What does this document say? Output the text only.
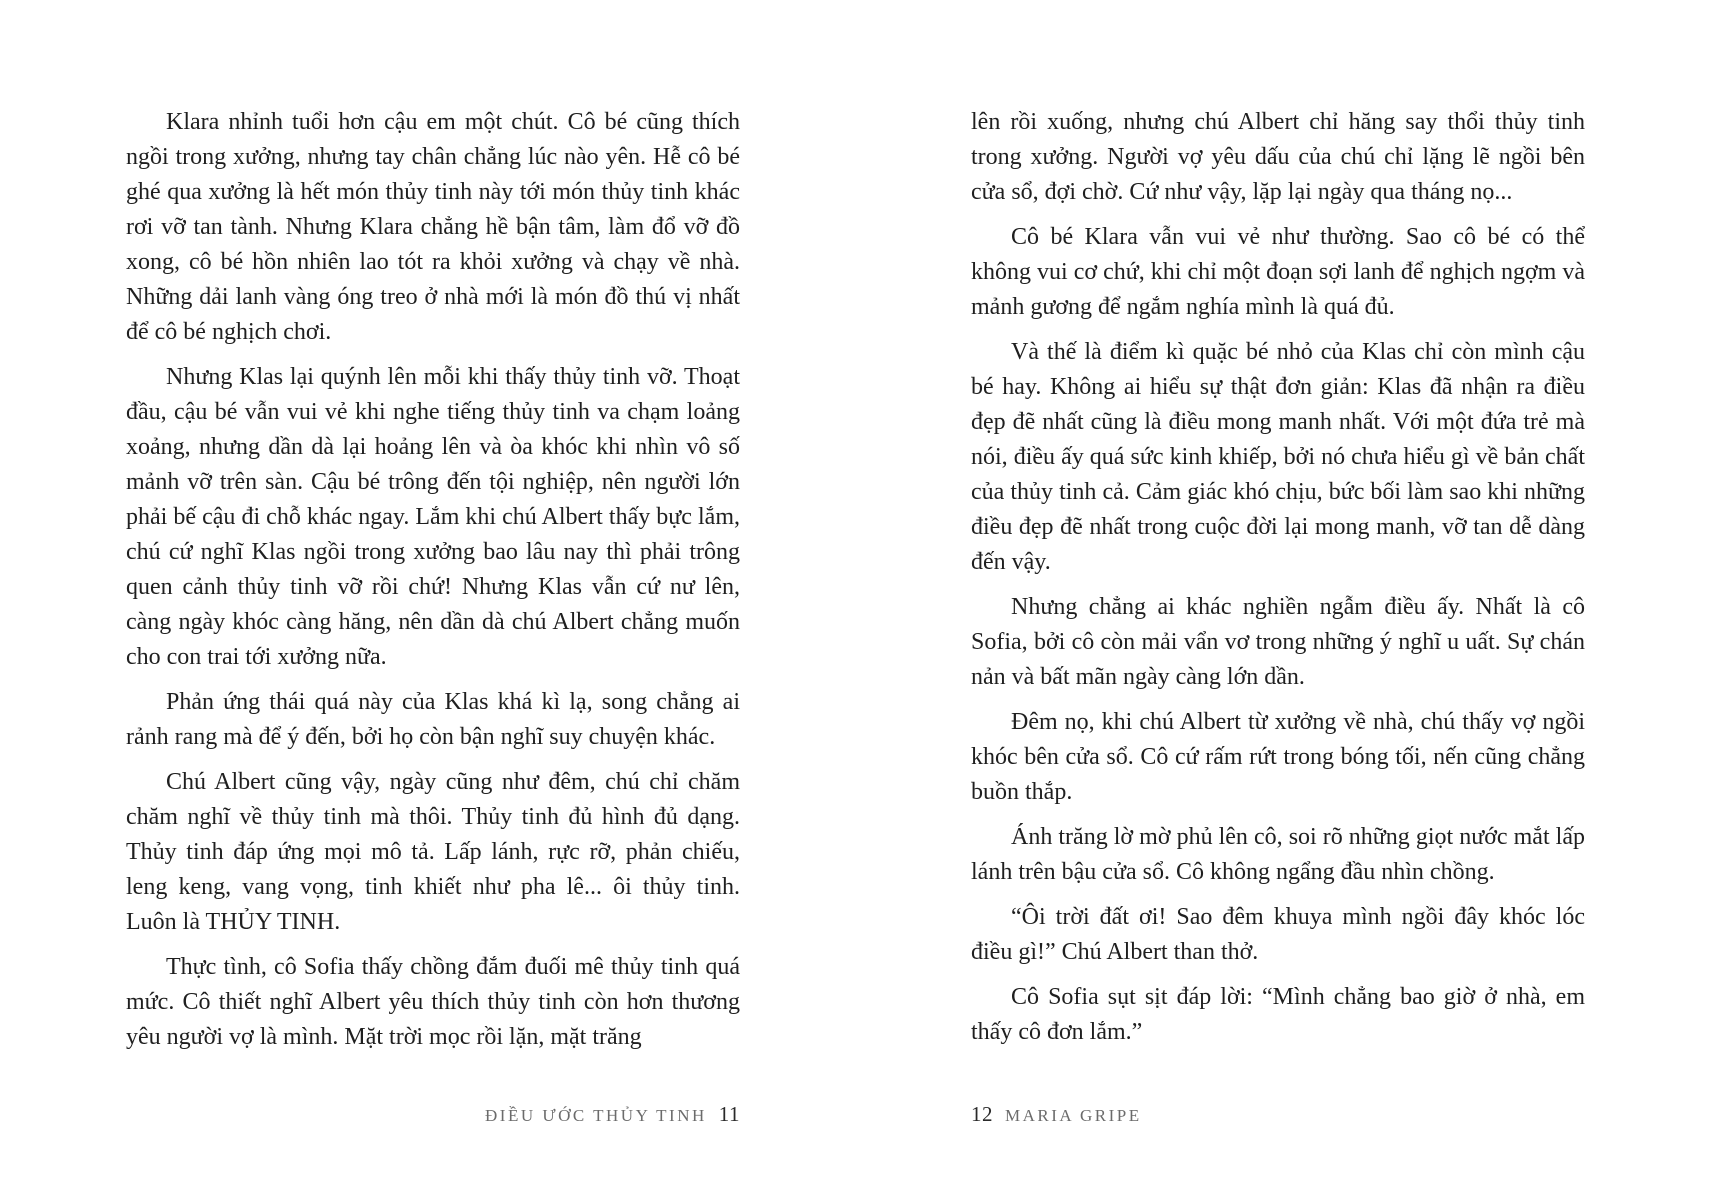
Klara nhỉnh tuổi hơn cậu em một chút. Cô bé cũng thích ngồi trong xưởng, nhưng tay chân chẳng lúc nào yên. Hễ cô bé ghé qua xưởng là hết món thủy tinh này tới món thủy tinh khác rơi vỡ tan tành. Nhưng Klara chẳng hề bận tâm, làm đổ vỡ đồ xong, cô bé hồn nhiên lao tót ra khỏi xưởng và chạy về nhà. Những dải lanh vàng óng treo ở nhà mới là món đồ thú vị nhất để cô bé nghịch chơi.

Nhưng Klas lại quýnh lên mỗi khi thấy thủy tinh vỡ. Thoạt đầu, cậu bé vẫn vui vẻ khi nghe tiếng thủy tinh va chạm loảng xoảng, nhưng dần dà lại hoảng lên và òa khóc khi nhìn vô số mảnh vỡ trên sàn. Cậu bé trông đến tội nghiệp, nên người lớn phải bế cậu đi chỗ khác ngay. Lắm khi chú Albert thấy bực lắm, chú cứ nghĩ Klas ngồi trong xưởng bao lâu nay thì phải trông quen cảnh thủy tinh vỡ rồi chứ! Nhưng Klas vẫn cứ nư lên, càng ngày khóc càng hăng, nên dần dà chú Albert chẳng muốn cho con trai tới xưởng nữa.

Phản ứng thái quá này của Klas khá kì lạ, song chẳng ai rảnh rang mà để ý đến, bởi họ còn bận nghĩ suy chuyện khác.

Chú Albert cũng vậy, ngày cũng như đêm, chú chỉ chăm chăm nghĩ về thủy tinh mà thôi. Thủy tinh đủ hình đủ dạng. Thủy tinh đáp ứng mọi mô tả. Lấp lánh, rực rỡ, phản chiếu, leng keng, vang vọng, tinh khiết như pha lê... ôi thủy tinh. Luôn là THỦY TINH.

Thực tình, cô Sofia thấy chồng đắm đuối mê thủy tinh quá mức. Cô thiết nghĩ Albert yêu thích thủy tinh còn hơn thương yêu người vợ là mình. Mặt trời mọc rồi lặn, mặt trăng

ĐIỀU ƯỚC THỦY TINH 11

lên rồi xuống, nhưng chú Albert chỉ hăng say thổi thủy tinh trong xưởng. Người vợ yêu dấu của chú chỉ lặng lẽ ngồi bên cửa sổ, đợi chờ. Cứ như vậy, lặp lại ngày qua tháng nọ...

Cô bé Klara vẫn vui vẻ như thường. Sao cô bé có thể không vui cơ chứ, khi chỉ một đoạn sợi lanh để nghịch ngợm và mảnh gương để ngắm nghía mình là quá đủ.

Và thế là điểm kì quặc bé nhỏ của Klas chỉ còn mình cậu bé hay. Không ai hiểu sự thật đơn giản: Klas đã nhận ra điều đẹp đẽ nhất cũng là điều mong manh nhất. Với một đứa trẻ mà nói, điều ấy quá sức kinh khiếp, bởi nó chưa hiểu gì về bản chất của thủy tinh cả. Cảm giác khó chịu, bức bối làm sao khi những điều đẹp đẽ nhất trong cuộc đời lại mong manh, vỡ tan dễ dàng đến vậy.

Nhưng chẳng ai khác nghiền ngẫm điều ấy. Nhất là cô Sofia, bởi cô còn mải vẩn vơ trong những ý nghĩ u uất. Sự chán nản và bất mãn ngày càng lớn dần.

Đêm nọ, khi chú Albert từ xưởng về nhà, chú thấy vợ ngồi khóc bên cửa sổ. Cô cứ rấm rứt trong bóng tối, nến cũng chẳng buồn thắp.

Ánh trăng lờ mờ phủ lên cô, soi rõ những giọt nước mắt lấp lánh trên bậu cửa sổ. Cô không ngẩng đầu nhìn chồng.

“Ôi trời đất ơi! Sao đêm khuya mình ngồi đây khóc lóc điều gì!” Chú Albert than thở.

Cô Sofia sụt sịt đáp lời: “Mình chẳng bao giờ ở nhà, em thấy cô đơn lắm.”

12 MARIA GRIPE
